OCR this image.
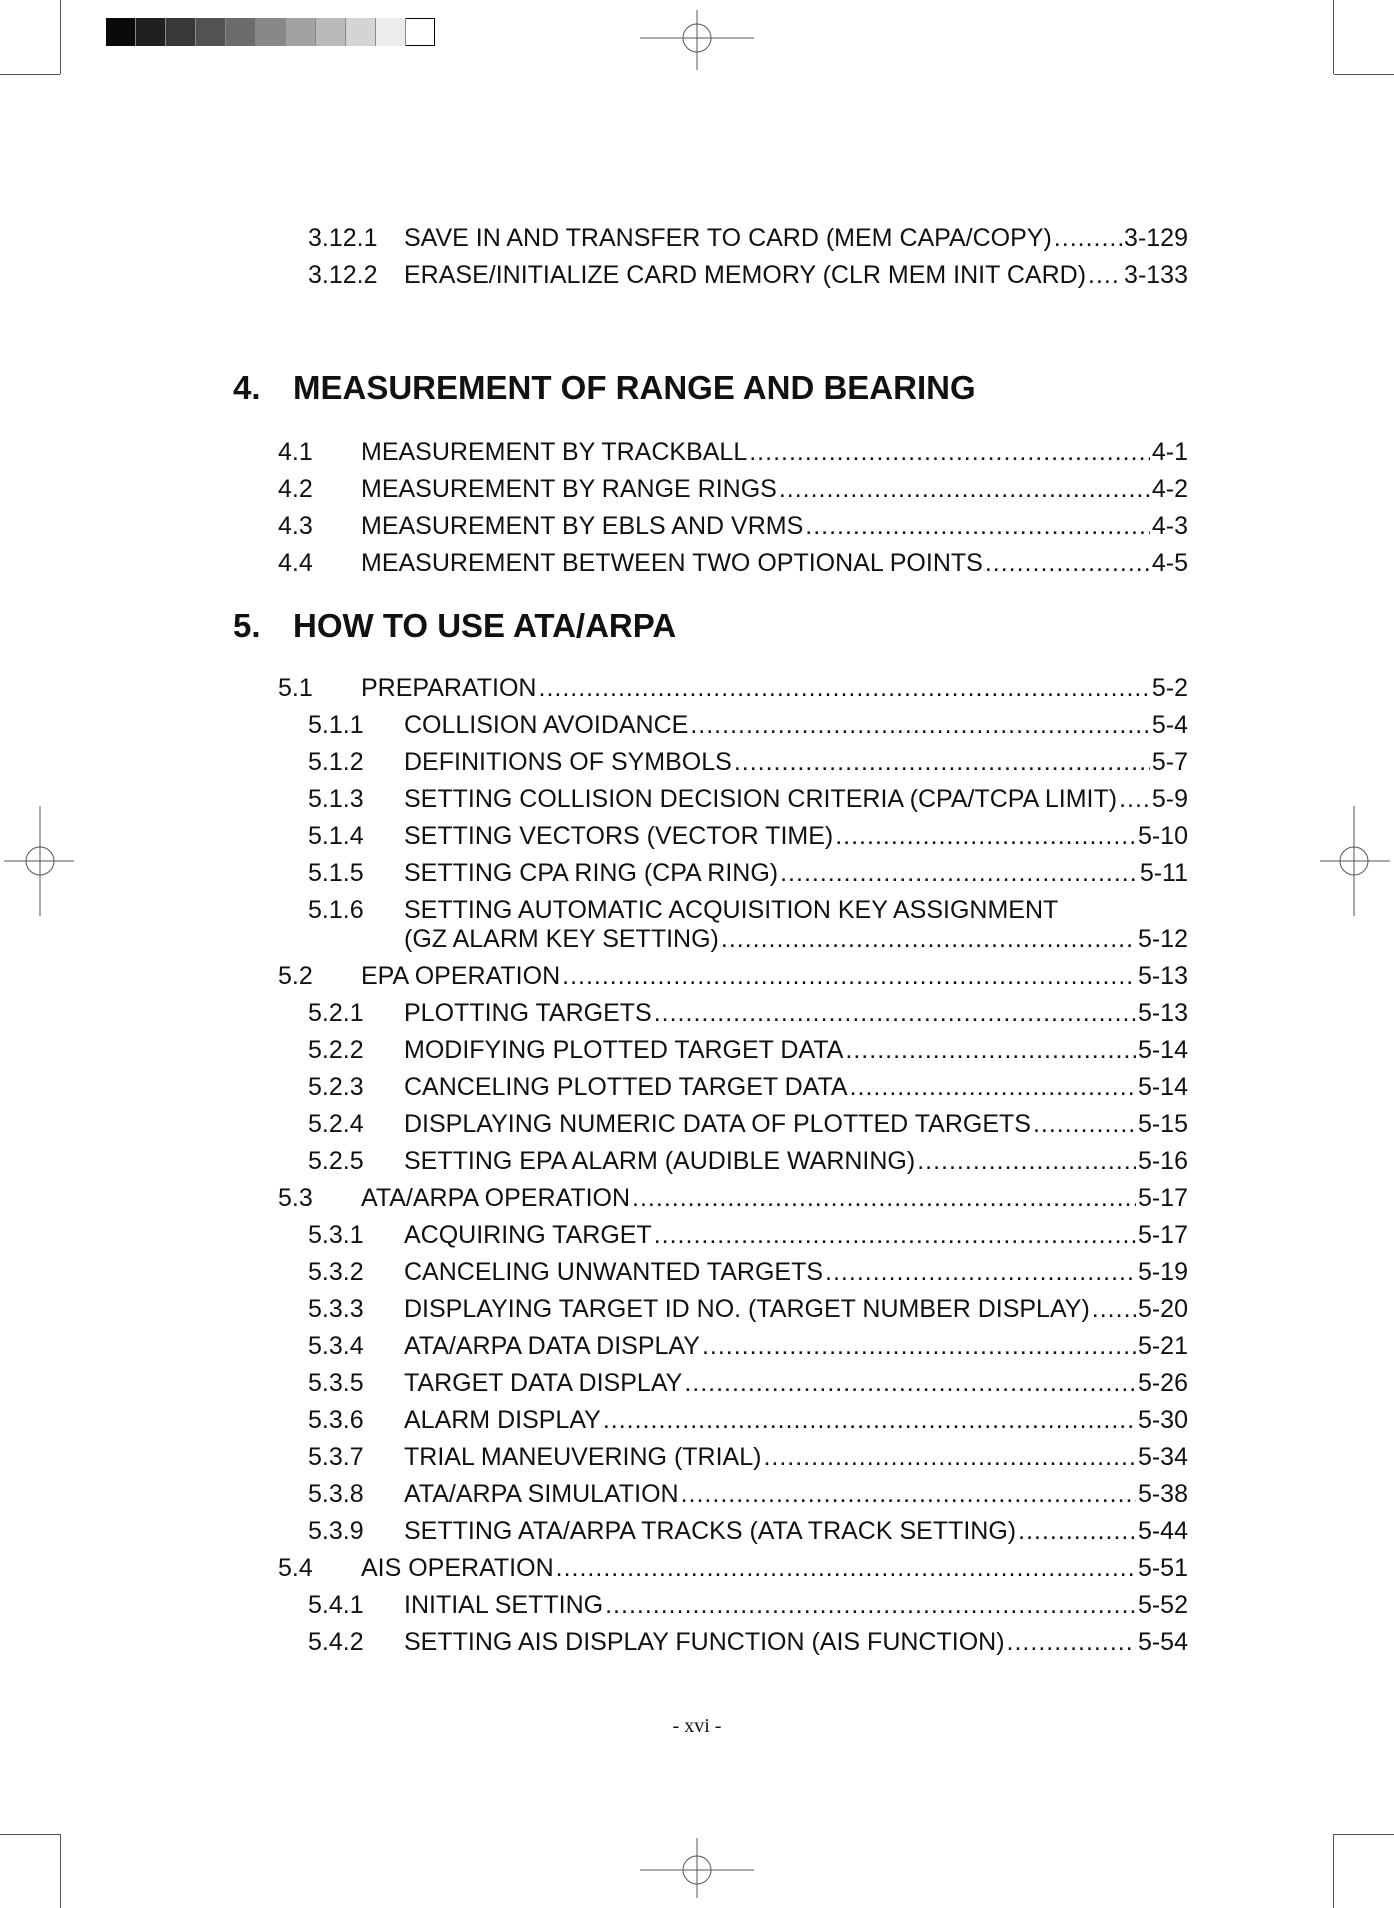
3.12.1	SAVE IN AND TRANSFER TO CARD (MEM CAPA/COPY) .....	3-129
3.12.2	ERASE/INITIALIZE CARD MEMORY (CLR MEM INIT CARD) ..... 3-133
4. MEASUREMENT OF RANGE AND BEARING
4.1	MEASUREMENT BY TRACKBALL .....	4-1
4.2	MEASUREMENT BY RANGE RINGS .....	4-2
4.3	MEASUREMENT BY EBLS AND VRMS .....	4-3
4.4	MEASUREMENT BETWEEN TWO OPTIONAL POINTS .....	4-5
5. HOW TO USE ATA/ARPA
5.1	PREPARATION .....	5-2
5.1.1	COLLISION AVOIDANCE .....	5-4
5.1.2	DEFINITIONS OF SYMBOLS .....	5-7
5.1.3	SETTING COLLISION DECISION CRITERIA (CPA/TCPA LIMIT) ..... 5-9
5.1.4	SETTING VECTORS (VECTOR TIME) .....	5-10
5.1.5	SETTING CPA RING (CPA RING) .....	5-11
5.1.6	SETTING AUTOMATIC ACQUISITION KEY ASSIGNMENT
(GZ ALARM KEY SETTING) .....	5-12
5.2	EPA OPERATION .....	5-13
5.2.1	PLOTTING TARGETS .....	5-13
5.2.2	MODIFYING PLOTTED TARGET DATA .....	5-14
5.2.3	CANCELING PLOTTED TARGET DATA .....	5-14
5.2.4	DISPLAYING NUMERIC DATA OF PLOTTED TARGETS .....	5-15
5.2.5	SETTING EPA ALARM (AUDIBLE WARNING) .....	5-16
5.3	ATA/ARPA OPERATION .....	5-17
5.3.1	ACQUIRING TARGET .....	5-17
5.3.2	CANCELING UNWANTED TARGETS .....	5-19
5.3.3	DISPLAYING TARGET ID NO. (TARGET NUMBER DISPLAY) ..... 5-20
5.3.4	ATA/ARPA DATA DISPLAY .....	5-21
5.3.5	TARGET DATA DISPLAY .....	5-26
5.3.6	ALARM DISPLAY .....	5-30
5.3.7	TRIAL MANEUVERING (TRIAL) .....	5-34
5.3.8	ATA/ARPA SIMULATION .....	5-38
5.3.9	SETTING ATA/ARPA TRACKS (ATA TRACK SETTING) .....	5-44
5.4	AIS OPERATION .....	5-51
5.4.1	INITIAL SETTING .....	5-52
5.4.2	SETTING AIS DISPLAY FUNCTION (AIS FUNCTION) .....	5-54
- xvi -
